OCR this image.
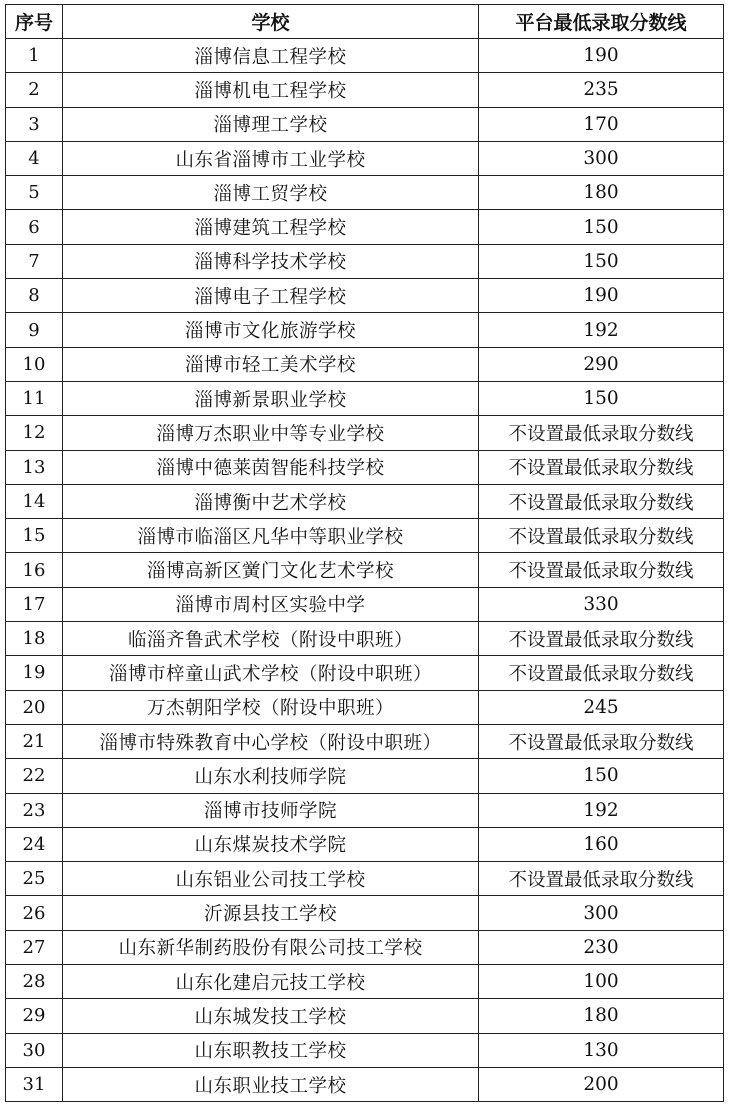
序号	学校	平台最低录取分数线
1	淄博信息工程学校	190
2	淄博机电工程学校	235
3	淄博理工学校	170
4	山东省淄博市工业学校	300
5	淄博工贸学校	180
6	淄博建筑工程学校	150
7	淄博科学技术学校	150
8	淄博电子工程学校	190
9	淄博市文化旅游学校	192
10	淄博市轻工美术学校	290
11	淄博新景职业学校	150
12	淄博万杰职业中等专业学校	不设置最低录取分数线
13	淄博中德莱茵智能科技学校	不设置最低录取分数线
14	淄博衡中艺术学校	不设置最低录取分数线
15	淄博市临淄区凡华中等职业学校	不设置最低录取分数线
16	淄博高新区黉门文化艺术学校	不设置最低录取分数线
17	淄博市周村区实验中学	330
18	临淄齐鲁武术学校（附设中职班）	不设置最低录取分数线
19	淄博市梓童山武术学校（附设中职班）	不设置最低录取分数线
20	万杰朝阳学校（附设中职班）	245
21	淄博市特殊教育中心学校（附设中职班）	不设置最低录取分数线
22	山东水利技师学院	150
23	淄博市技师学院	192
24	山东煤炭技术学院	160
25	山东铝业公司技工学校	不设置最低录取分数线
26	沂源县技工学校	300
27	山东新华制药股份有限公司技工学校	230
28	山东化建启元技工学校	100
29	山东城发技工学校	180
30	山东职教技工学校	130
31	山东职业技工学校	200
